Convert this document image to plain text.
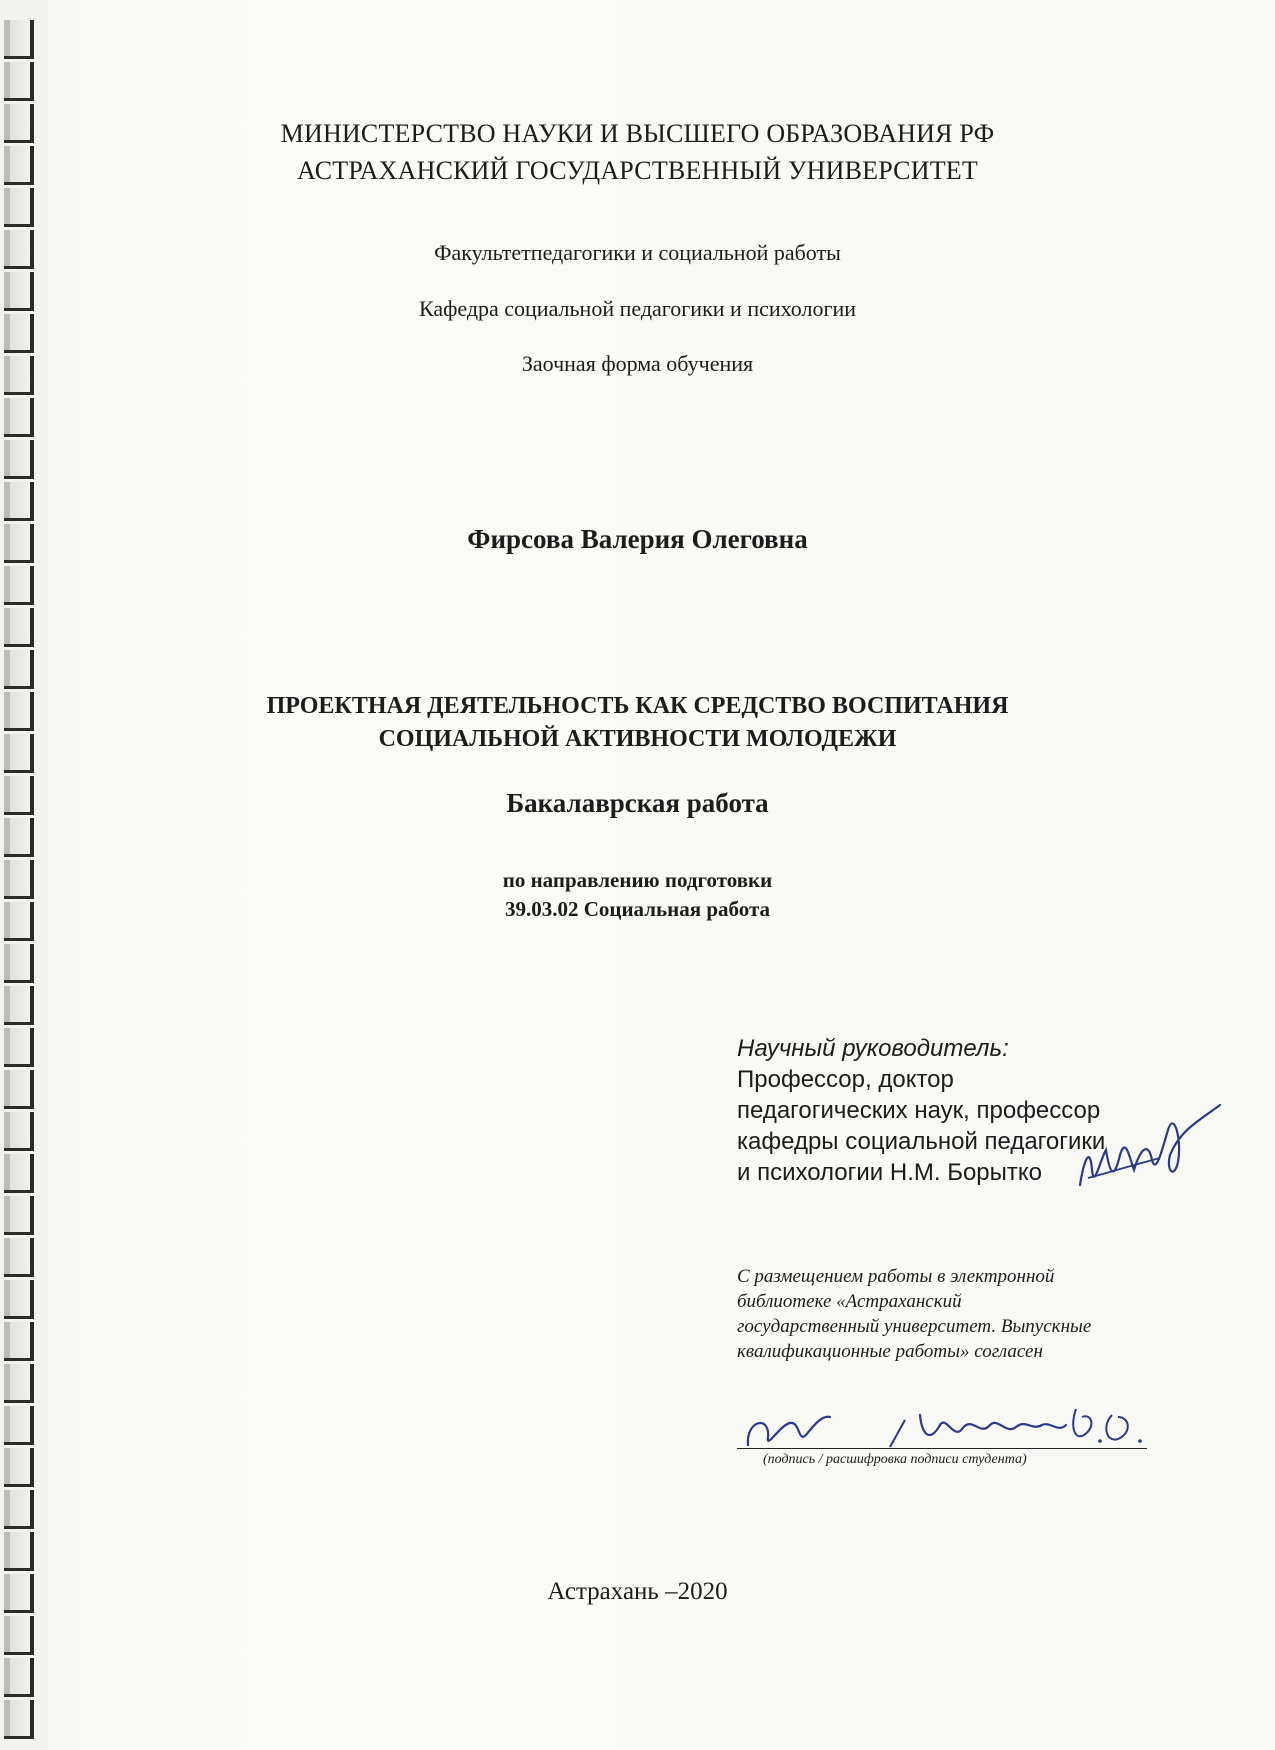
МИНИСТЕРСТВО НАУКИ И ВЫСШЕГО ОБРАЗОВАНИЯ РФ
АСТРАХАНСКИЙ ГОСУДАРСТВЕННЫЙ УНИВЕРСИТЕТ
Факультетпедагогики и социальной работы
Кафедра социальной педагогики и психологии
Заочная форма обучения
Фирсова Валерия Олеговна
ПРОЕКТНАЯ ДЕЯТЕЛЬНОСТЬ КАК СРЕДСТВО ВОСПИТАНИЯ
СОЦИАЛЬНОЙ АКТИВНОСТИ МОЛОДЕЖИ
Бакалаврская работа
по направлению подготовки
39.03.02 Социальная работа
Научный руководитель:
Профессор, доктор
педагогических наук, профессор
кафедры социальной педагогики
и психологии Н.М. Борытко
С размещением работы в электронной
библиотеке «Астраханский
государственный университет. Выпускные
квалификационные работы» согласен
(подпись / расшифровка подписи студента)
Астрахань –2020
